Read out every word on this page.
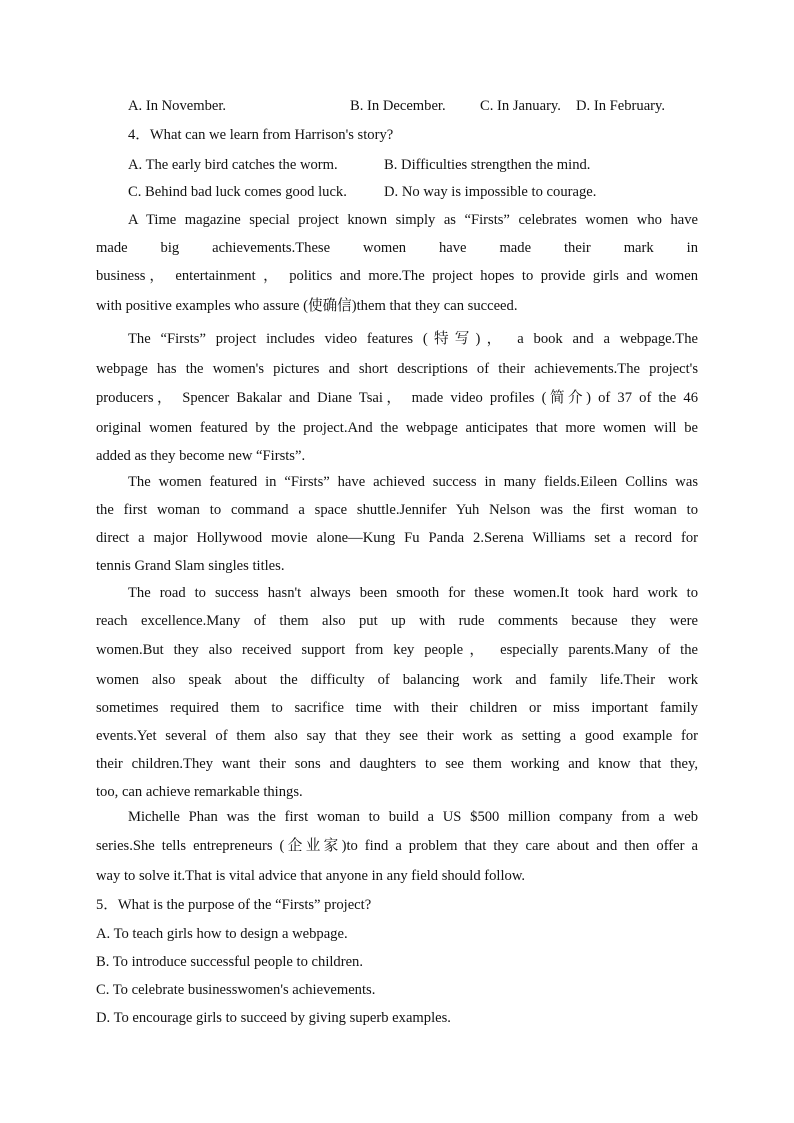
A. In November.	B. In December. C. In January. D. In February.
4．What can we learn from Harrison's story?
A. The early bird catches the worm.	B. Difficulties strengthen the mind.
C. Behind bad luck comes good luck.	D. No way is impossible to courage.
A Time magazine special project known simply as “Firsts” celebrates women who have
made big achievements.These women have made their mark in
business， entertainment ， politics and more.The project hopes to provide girls and women
with positive examples who assure (使确信)them that they can succeed.
The “Firsts” project includes video features (特写)， a book and a webpage.The
webpage has the women's pictures and short descriptions of their achievements.The project's
producers， Spencer Bakalar and Diane Tsai， made video profiles (简介) of 37 of the 46
original women featured by the project.And the webpage anticipates that more women will be
added as they become new “Firsts”.
The women featured in “Firsts” have achieved success in many fields.Eileen Collins was
the first woman to command a space shuttle.Jennifer Yuh Nelson was the first woman to
direct a major Hollywood movie alone—Kung Fu Panda 2.Serena Williams set a record for
tennis Grand Slam singles titles.
The road to success hasn't always been smooth for these women.It took hard work to
reach excellence.Many of them also put up with rude comments because they were
women.But they also received support from key people， especially parents.Many of the
women also speak about the difficulty of balancing work and family life.Their work
sometimes required them to sacrifice time with their children or miss important family
events.Yet several of them also say that they see their work as setting a good example for
their children.They want their sons and daughters to see them working and know that they,
too, can achieve remarkable things.
Michelle Phan was the first woman to build a US $500 million company from a web
series.She tells entrepreneurs (企业家)to find a problem that they care about and then offer a
way to solve it.That is vital advice that anyone in any field should follow.
5．What is the purpose of the “Firsts” project?
A. To teach girls how to design a webpage.
B. To introduce successful people to children.
C. To celebrate businesswomen's achievements.
D. To encourage girls to succeed by giving superb examples.
